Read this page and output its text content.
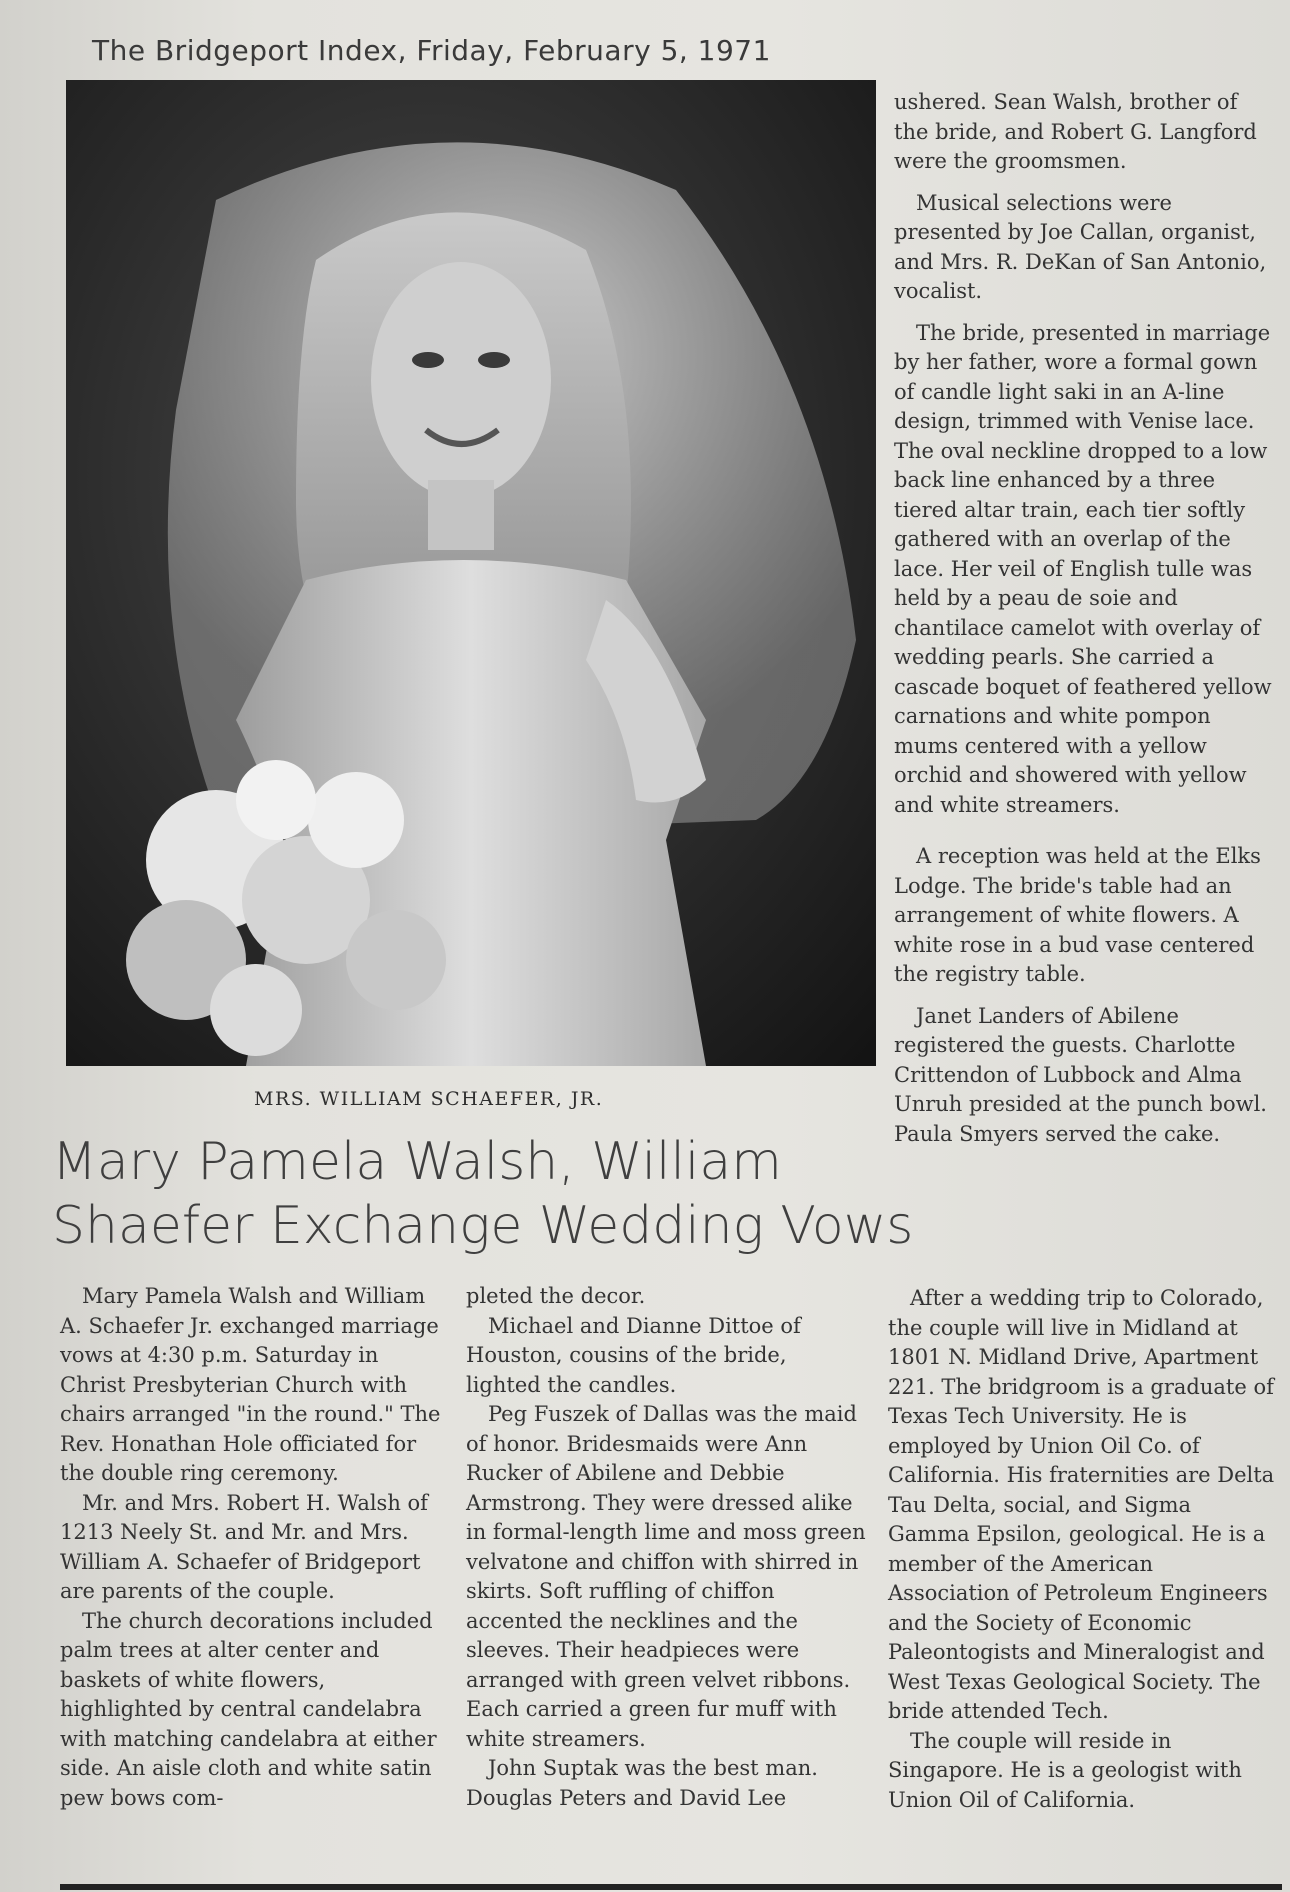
The Bridgeport Index, Friday, February 5, 1971
MRS. WILLIAM SCHAEFER, JR.
Mary Pamela Walsh, William
Shaefer Exchange Wedding Vows

Mary Pamela Walsh and William A. Schaefer Jr. exchanged marriage vows at 4:30 p.m. Saturday in Christ Presbyterian Church with chairs arranged "in the round." The Rev. Honathan Hole officiated for the double ring ceremony.

Mr. and Mrs. Robert H. Walsh of 1213 Neely St. and Mr. and Mrs. William A. Schaefer of Bridgeport are parents of the couple.

The church decorations included palm trees at alter center and baskets of white flowers, highlighted by central candelabra with matching candelabra at either side. An aisle cloth and white satin pew bows com-

pleted the decor.

Michael and Dianne Dittoe of Houston, cousins of the bride, lighted the candles.

Peg Fuszek of Dallas was the maid of honor. Bridesmaids were Ann Rucker of Abilene and Debbie Armstrong. They were dressed alike in formal-length lime and moss green velvatone and chiffon with shirred in skirts. Soft ruffling of chiffon accented the necklines and the sleeves. Their headpieces were arranged with green velvet ribbons. Each carried a green fur muff with white streamers.

John Suptak was the best man. Douglas Peters and David Lee

ushered. Sean Walsh, brother of the bride, and Robert G. Langford were the groomsmen.

Musical selections were presented by Joe Callan, organist, and Mrs. R. DeKan of San Antonio, vocalist.

The bride, presented in marriage by her father, wore a formal gown of candle light saki in an A-line design, trimmed with Venise lace. The oval neckline dropped to a low back line enhanced by a three tiered altar train, each tier softly gathered with an overlap of the lace. Her veil of English tulle was held by a peau de soie and chantilace camelot with overlay of wedding pearls. She carried a cascade boquet of feathered yellow carnations and white pompon mums centered with a yellow orchid and showered with yellow and white streamers.

A reception was held at the Elks Lodge. The bride's table had an arrangement of white flowers. A white rose in a bud vase centered the registry table.

Janet Landers of Abilene registered the guests. Charlotte Crittendon of Lubbock and Alma Unruh presided at the punch bowl. Paula Smyers served the cake.

After a wedding trip to Colorado, the couple will live in Midland at 1801 N. Midland Drive, Apartment 221. The bridgroom is a graduate of Texas Tech University. He is employed by Union Oil Co. of California. His fraternities are Delta Tau Delta, social, and Sigma Gamma Epsilon, geological. He is a member of the American Association of Petroleum Engineers and the Society of Economic Paleontogists and Mineralogist and West Texas Geological Society. The bride attended Tech.

The couple will reside in Singapore. He is a geologist with Union Oil of California.
